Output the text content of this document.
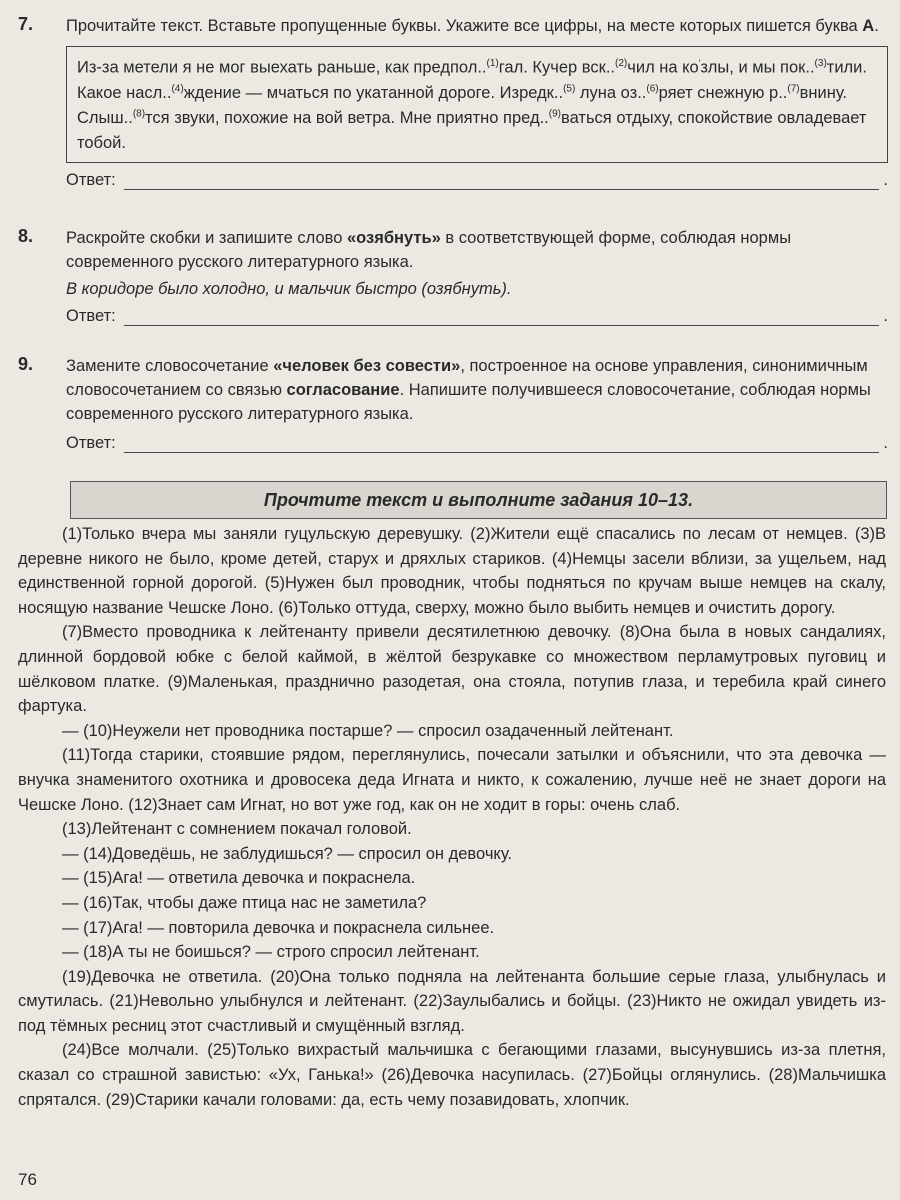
7. Прочитайте текст. Вставьте пропущенные буквы. Укажите все цифры, на месте которых пишется буква А.
Из-за метели я не мог выехать раньше, как предпол..$^{(1)}$гал. Кучер вск..$^{(2)}$чил на ко′злы, и мы пок..$^{(3)}$тили. Какое насл..$^{(4)}$ждение — мчаться по укатанной дороге. Изредк..$^{(5)}$ луна оз..$^{(6)}$ряет снежную р..$^{(7)}$внину. Слыш..$^{(8)}$тся звуки, похожие на вой ветра. Мне приятно пред..$^{(9)}$ваться отдыху, спокойствие овладевает тобой.
Ответ:	.
8. Раскройте скобки и запишите слово «озябнуть» в соответствующей форме, соблюдая нормы современного русского литературного языка.
В коридоре было холодно, и мальчик быстро (озябнуть).
Ответ:	.
9. Замените словосочетание «человек без совести», построенное на основе управления, синонимичным словосочетанием со связью согласование. Напишите получившееся словосочетание, соблюдая нормы современного русского литературного языка.
Ответ:	.
Прочтите текст и выполните задания 10–13.

(1)Только вчера мы заняли гуцульскую деревушку. (2)Жители ещё спасались по лесам от немцев. (3)В деревне никого не было, кроме детей, старух и дряхлых стариков. (4)Немцы засели вблизи, за ущельем, над единственной горной дорогой. (5)Нужен был проводник, чтобы подняться по кручам выше немцев на скалу, носящую название Чешске Лоно. (6)Только оттуда, сверху, можно было выбить немцев и очистить дорогу.

(7)Вместо проводника к лейтенанту привели десятилетнюю девочку. (8)Она была в новых сандалиях, длинной бордовой юбке с белой каймой, в жёлтой безрукавке со множеством перламутровых пуговиц и шёлковом платке. (9)Маленькая, празднично разодетая, она стояла, потупив глаза, и теребила край синего фартука.

— (10)Неужели нет проводника постарше? — спросил озадаченный лейтенант.

(11)Тогда старики, стоявшие рядом, переглянулись, почесали затылки и объяснили, что эта девочка — внучка знаменитого охотника и дровосека деда Игната и никто, к сожалению, лучше неё не знает дороги на Чешске Лоно. (12)Знает сам Игнат, но вот уже год, как он не ходит в горы: очень слаб.

(13)Лейтенант с сомнением покачал головой.

— (14)Доведёшь, не заблудишься? — спросил он девочку.

— (15)Ага! — ответила девочка и покраснела.

— (16)Так, чтобы даже птица нас не заметила?

— (17)Ага! — повторила девочка и покраснела сильнее.

— (18)А ты не боишься? — строго спросил лейтенант.

(19)Девочка не ответила. (20)Она только подняла на лейтенанта большие серые глаза, улыбнулась и смутилась. (21)Невольно улыбнулся и лейтенант. (22)Заулыбались и бойцы. (23)Никто не ожидал увидеть из-под тёмных ресниц этот счастливый и смущённый взгляд.

(24)Все молчали. (25)Только вихрастый мальчишка с бегающими глазами, высунувшись из-за плетня, сказал со страшной завистью: «Ух, Ганька!» (26)Девочка насупилась. (27)Бойцы оглянулись. (28)Мальчишка спрятался. (29)Старики качали головами: да, есть чему позавидовать, хлопчик.

76
